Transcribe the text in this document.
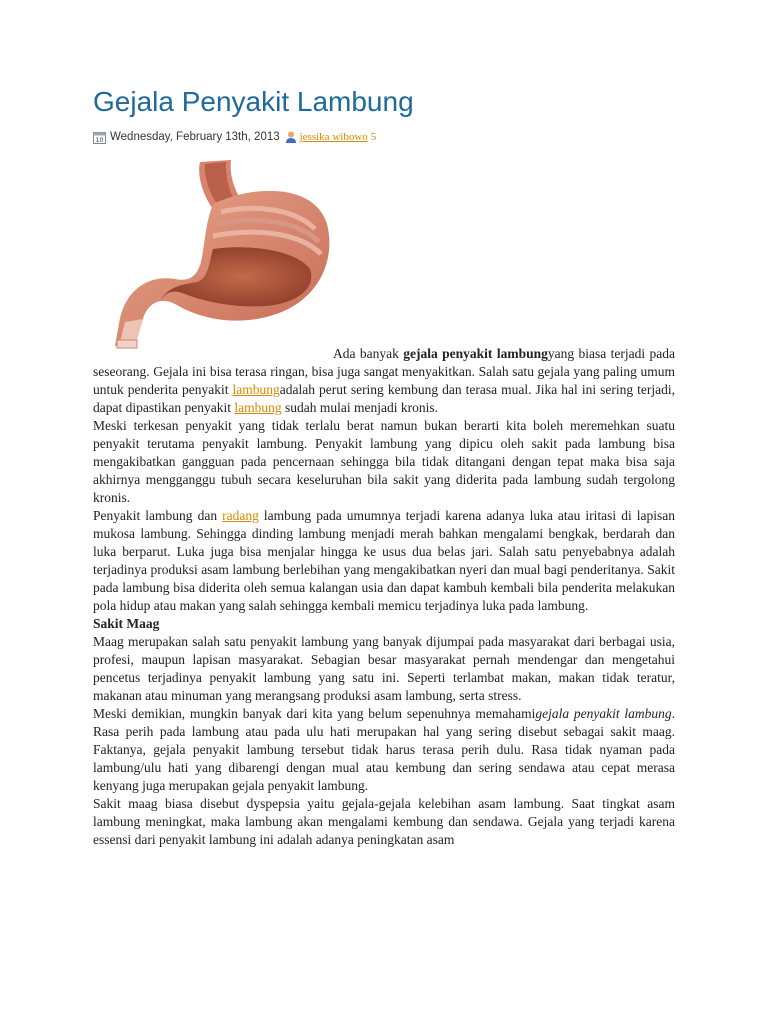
Gejala Penyakit Lambung
10 Wednesday, February 13th, 2013 jessika wibowo 5

Ada banyak gejala penyakit lambungyang biasa terjadi pada seseorang. Gejala ini bisa terasa ringan, bisa juga sangat menyakitkan. Salah satu gejala yang paling umum untuk penderita penyakit lambungadalah perut sering kembung dan terasa mual. Jika hal ini sering terjadi, dapat dipastikan penyakit lambung sudah mulai menjadi kronis.

Meski terkesan penyakit yang tidak terlalu berat namun bukan berarti kita boleh meremehkan suatu penyakit terutama penyakit lambung. Penyakit lambung yang dipicu oleh sakit pada lambung bisa mengakibatkan gangguan pada pencernaan sehingga bila tidak ditangani dengan tepat maka bisa saja akhirnya mengganggu tubuh secara keseluruhan bila sakit yang diderita pada lambung sudah tergolong kronis.

Penyakit lambung dan radang lambung pada umumnya terjadi karena adanya luka atau iritasi di lapisan mukosa lambung. Sehingga dinding lambung menjadi merah bahkan mengalami bengkak, berdarah dan luka berparut. Luka juga bisa menjalar hingga ke usus dua belas jari. Salah satu penyebabnya adalah terjadinya produksi asam lambung berlebihan yang mengakibatkan nyeri dan mual bagi penderitanya. Sakit pada lambung bisa diderita oleh semua kalangan usia dan dapat kambuh kembali bila penderita melakukan pola hidup atau makan yang salah sehingga kembali memicu terjadinya luka pada lambung.

Sakit Maag

Maag merupakan salah satu penyakit lambung yang banyak dijumpai pada masyarakat dari berbagai usia, profesi, maupun lapisan masyarakat. Sebagian besar masyarakat pernah mendengar dan mengetahui pencetus terjadinya penyakit lambung yang satu ini. Seperti terlambat makan, makan tidak teratur, makanan atau minuman yang merangsang produksi asam lambung, serta stress.

Meski demikian, mungkin banyak dari kita yang belum sepenuhnya memahamigejala penyakit lambung. Rasa perih pada lambung atau pada ulu hati merupakan hal yang sering disebut sebagai sakit maag. Faktanya, gejala penyakit lambung tersebut tidak harus terasa perih dulu. Rasa tidak nyaman pada lambung/ulu hati yang dibarengi dengan mual atau kembung dan sering sendawa atau cepat merasa kenyang juga merupakan gejala penyakit lambung.

Sakit maag biasa disebut dyspepsia yaitu gejala-gejala kelebihan asam lambung. Saat tingkat asam lambung meningkat, maka lambung akan mengalami kembung dan sendawa. Gejala yang terjadi karena essensi dari penyakit lambung ini adalah adanya peningkatan asam
